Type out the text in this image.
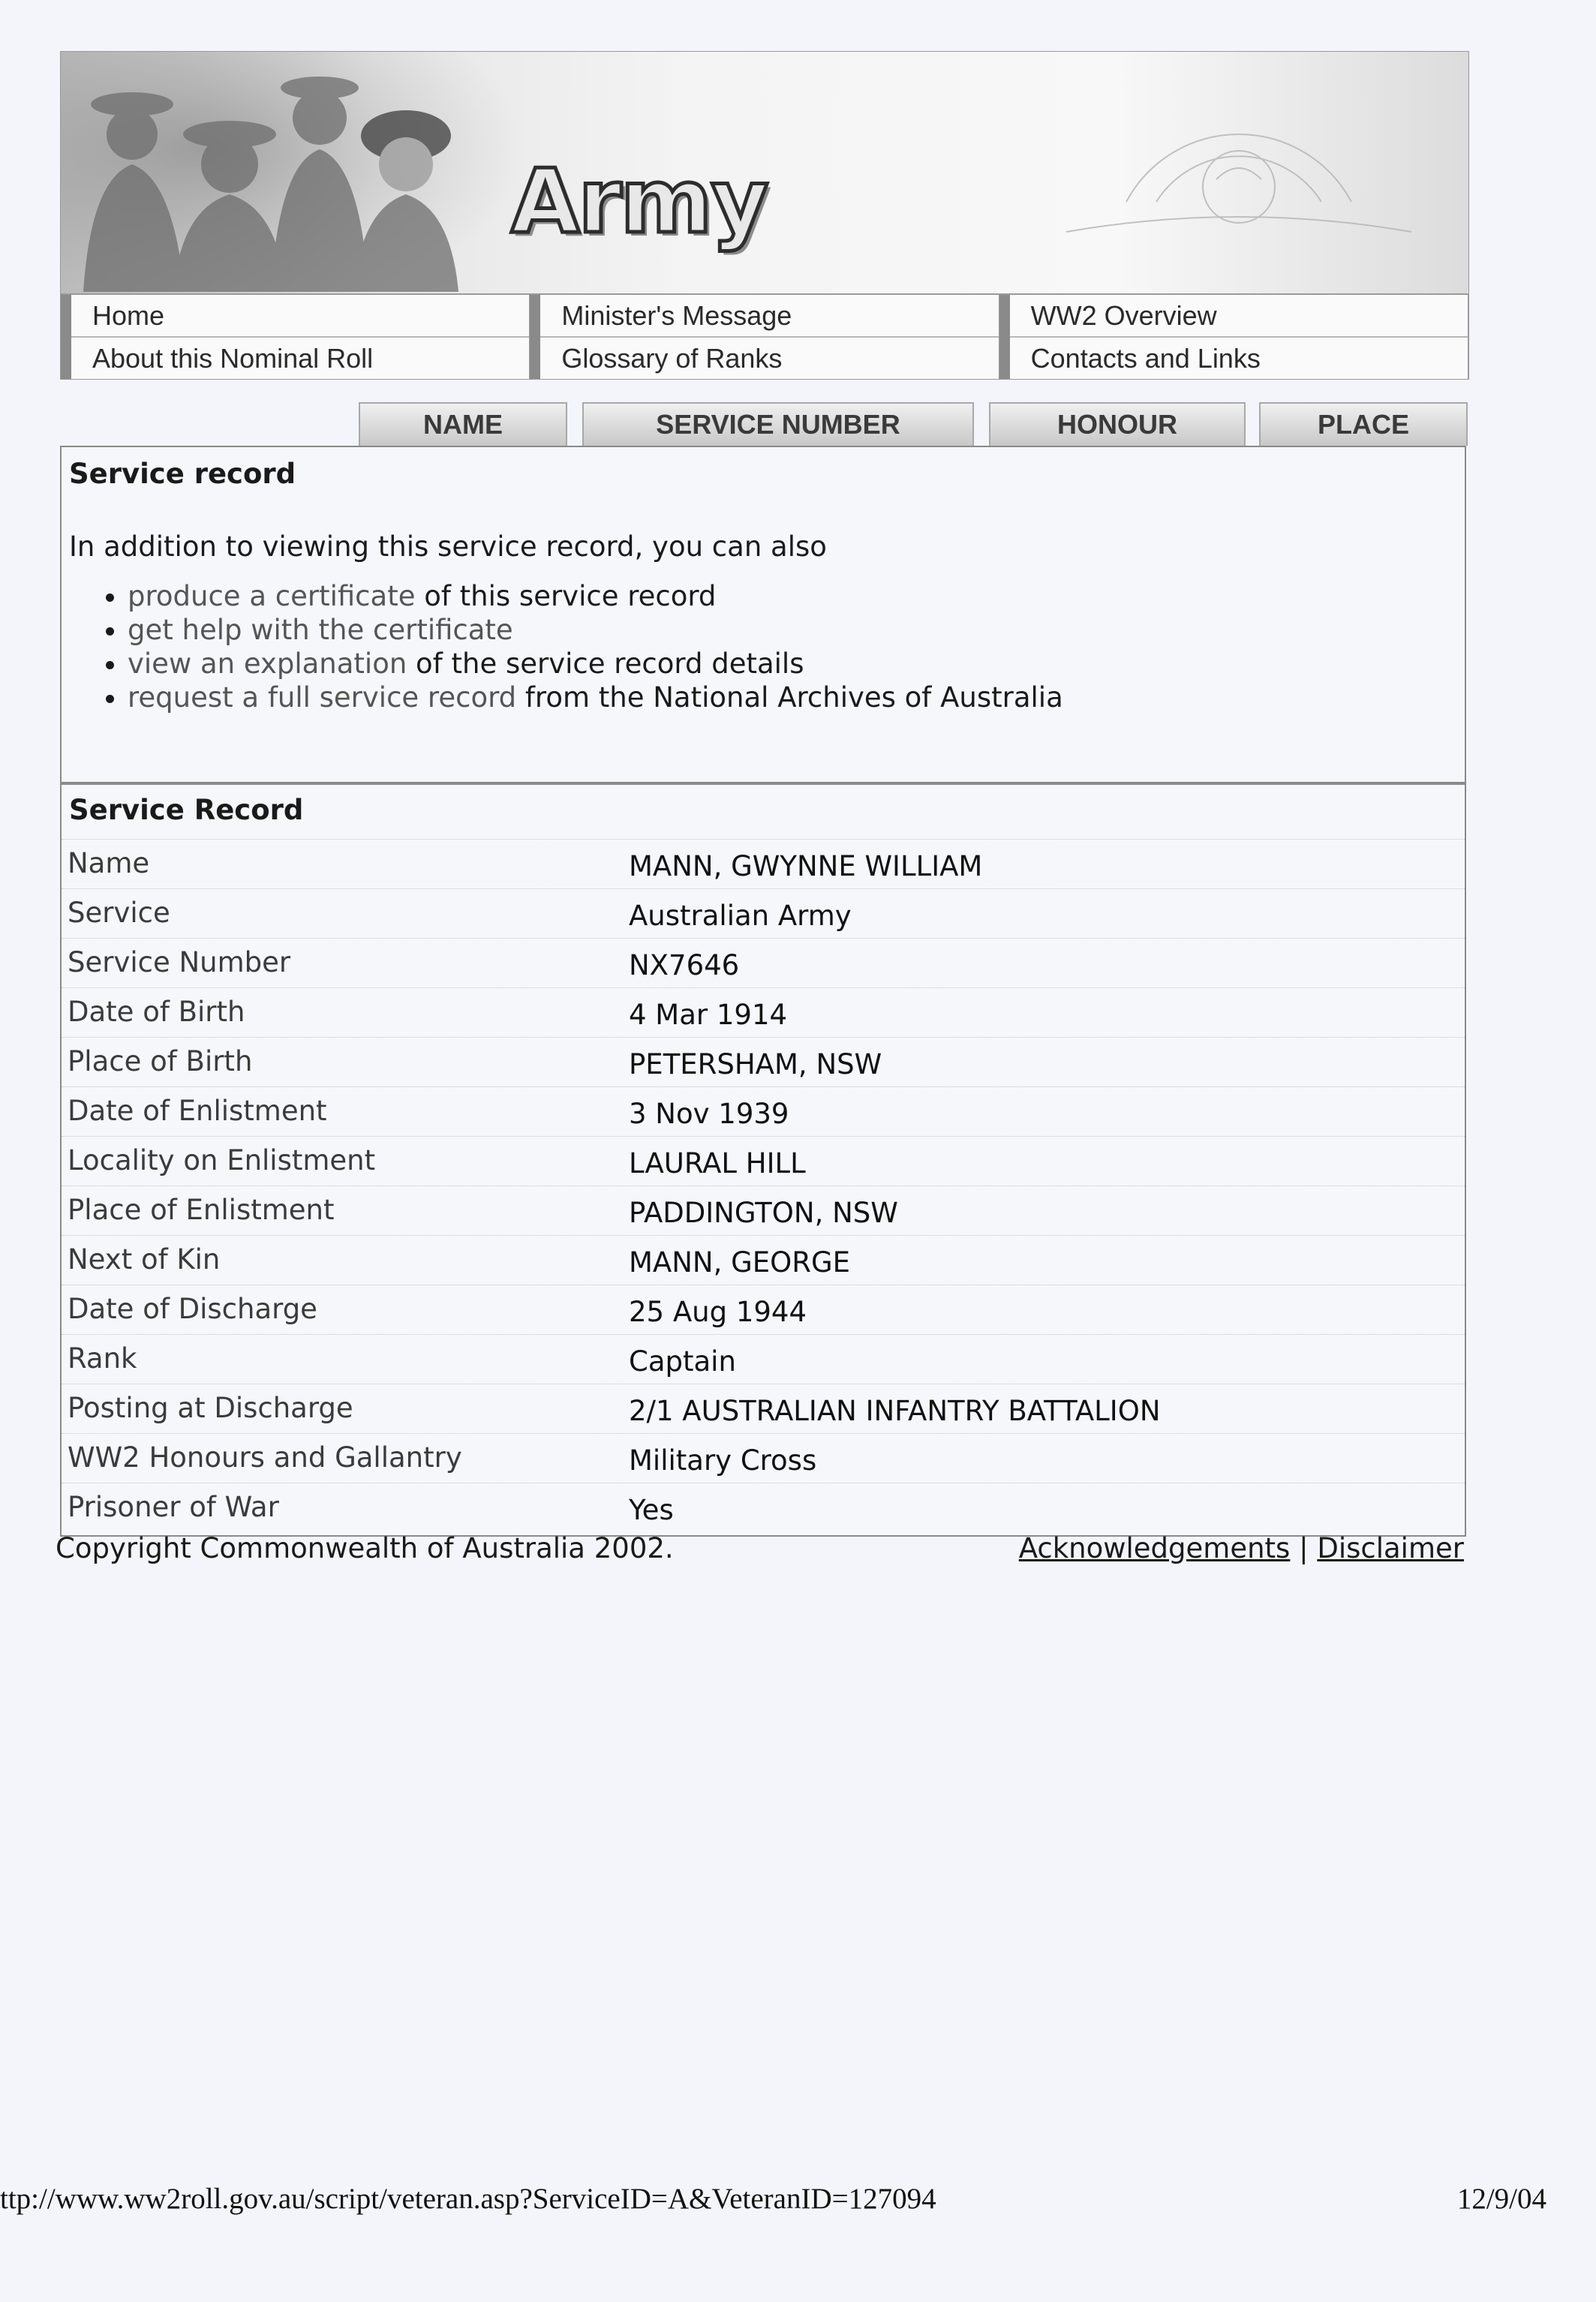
Army
Home
About this Nominal Roll
Minister's Message
Glossary of Ranks
WW2 Overview
Contacts and Links
NAME	SERVICE NUMBER	HONOUR	PLACE
Service record
In addition to viewing this service record, you can also
• produce a certificate of this service record
• get help with the certificate
• view an explanation of the service record details
• request a full service record from the National Archives of Australia
Service Record
Name	MANN, GWYNNE WILLIAM
Service	Australian Army
Service Number	NX7646
Date of Birth	4 Mar 1914
Place of Birth	PETERSHAM, NSW
Date of Enlistment	3 Nov 1939
Locality on Enlistment	LAURAL HILL
Place of Enlistment	PADDINGTON, NSW
Next of Kin	MANN, GEORGE
Date of Discharge	25 Aug 1944
Rank	Captain
Posting at Discharge	2/1 AUSTRALIAN INFANTRY BATTALION
WW2 Honours and Gallantry	Military Cross
Prisoner of War	Yes
Copyright Commonwealth of Australia 2002.	Acknowledgements | Disclaimer
ttp://www.ww2roll.gov.au/script/veteran.asp?ServiceID=A&VeteranID=127094	12/9/04
